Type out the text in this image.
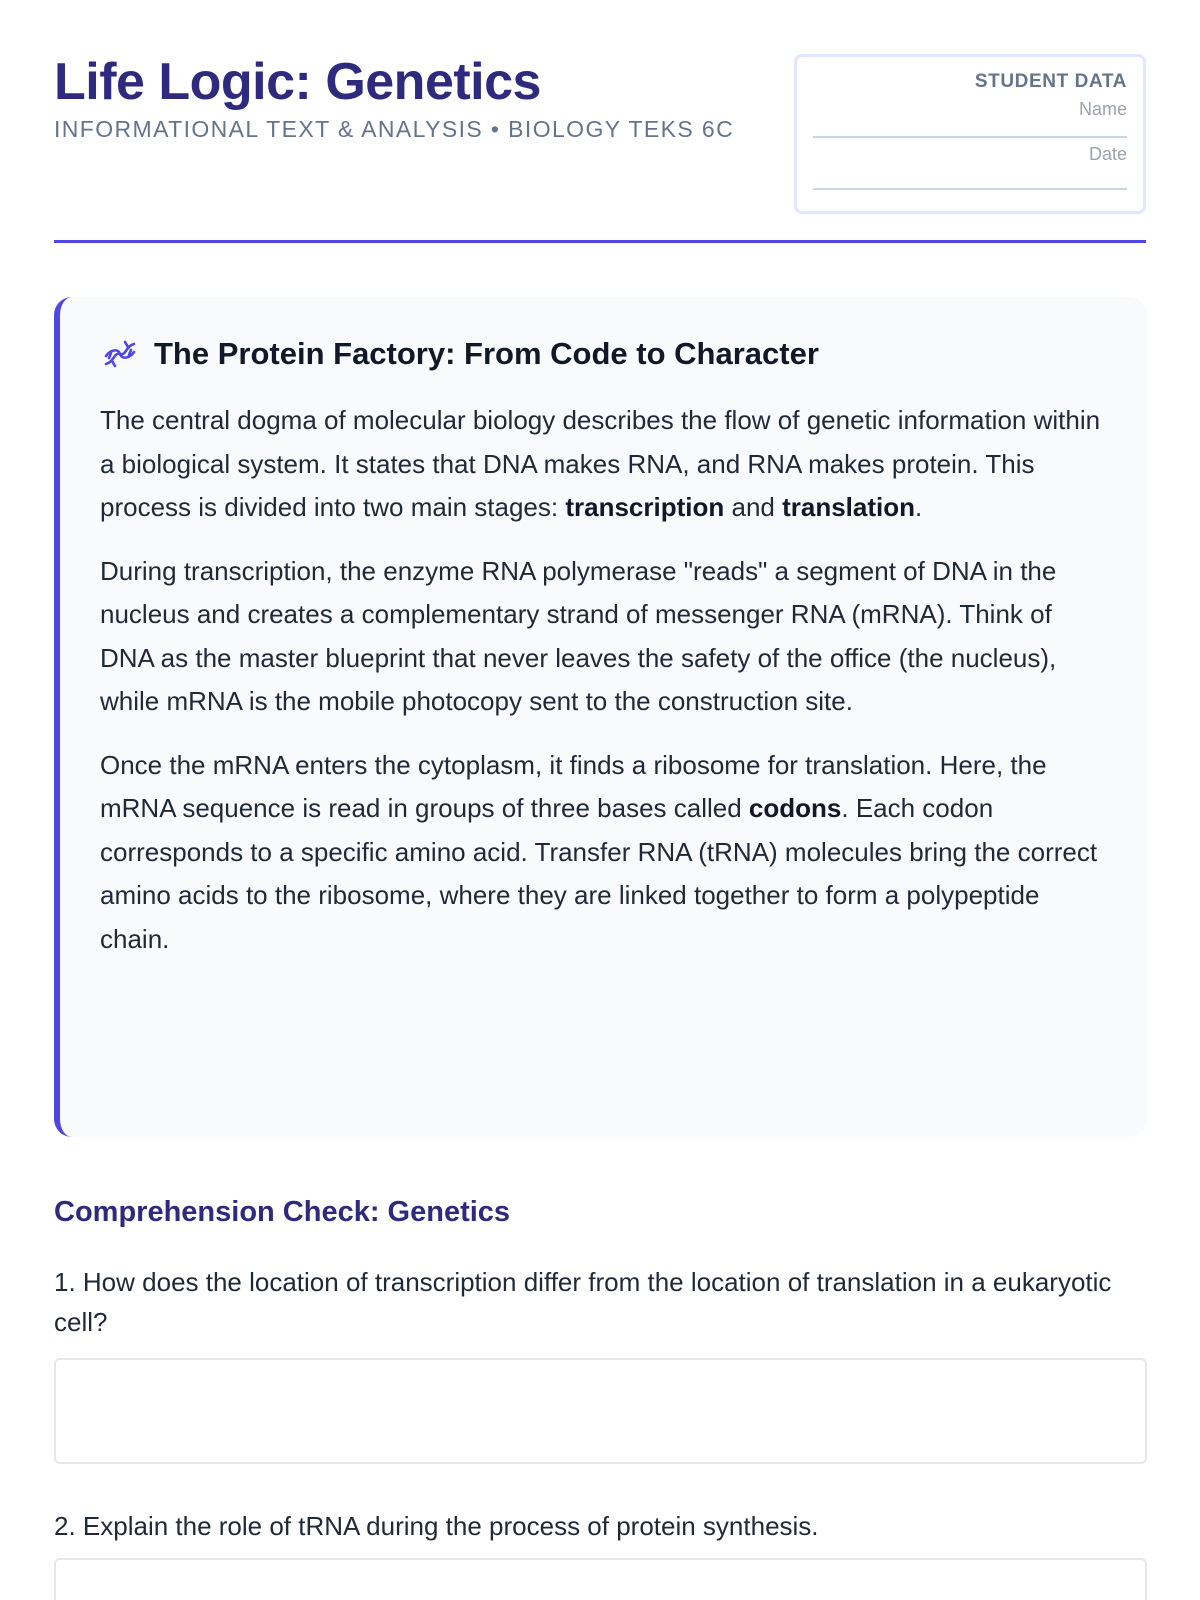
Life Logic: Genetics
INFORMATIONAL TEXT & ANALYSIS • BIOLOGY TEKS 6C
STUDENT DATA
Name
Date
The Protein Factory: From Code to Character

The central dogma of molecular biology describes the flow of genetic information within a biological system. It states that DNA makes RNA, and RNA makes protein. This process is divided into two main stages: transcription and translation.

During transcription, the enzyme RNA polymerase "reads" a segment of DNA in the nucleus and creates a complementary strand of messenger RNA (mRNA). Think of DNA as the master blueprint that never leaves the safety of the office (the nucleus), while mRNA is the mobile photocopy sent to the construction site.

Once the mRNA enters the cytoplasm, it finds a ribosome for translation. Here, the mRNA sequence is read in groups of three bases called codons. Each codon corresponds to a specific amino acid. Transfer RNA (tRNA) molecules bring the correct amino acids to the ribosome, where they are linked together to form a polypeptide chain.

Comprehension Check: Genetics
1. How does the location of transcription differ from the location of translation in a eukaryotic cell?
2. Explain the role of tRNA during the process of protein synthesis.
